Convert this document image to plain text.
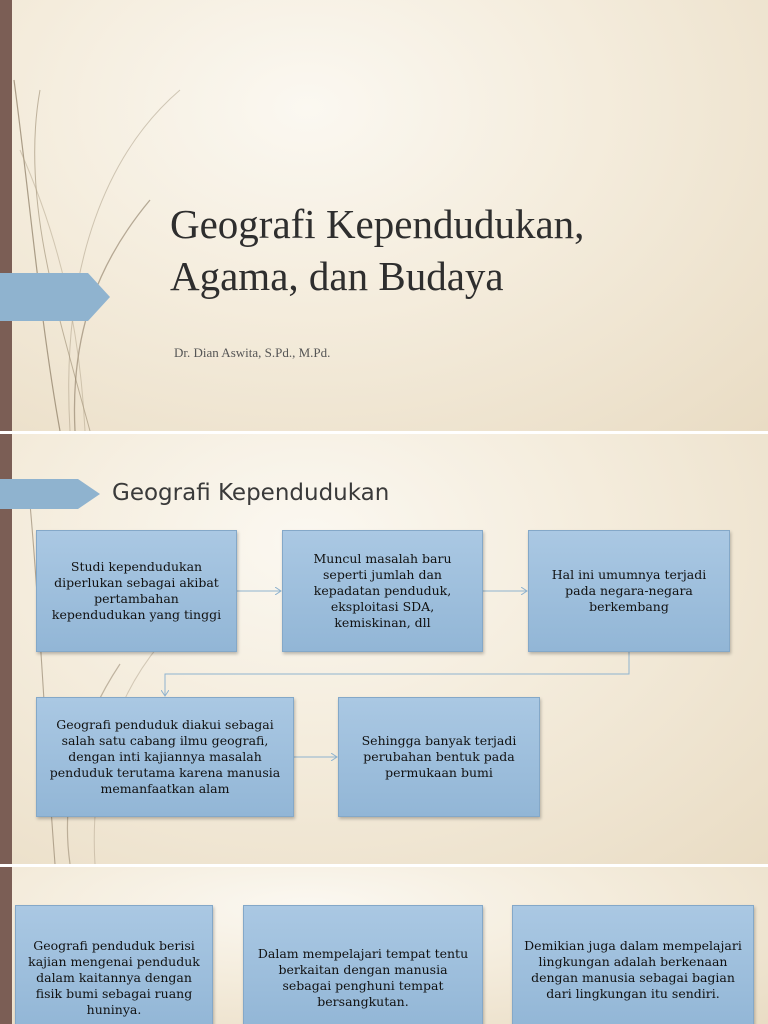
Geografi Kependudukan,
Agama, dan Budaya
Dr. Dian Aswita, S.Pd., M.Pd.
Geografi Kependudukan
Studi kependudukan diperlukan sebagai akibat pertambahan kependudukan yang tinggi
Muncul masalah baru seperti jumlah dan kepadatan penduduk, eksploitasi SDA, kemiskinan, dll
Hal ini umumnya terjadi pada negara-negara berkembang
Geografi penduduk diakui sebagai salah satu cabang ilmu geografi, dengan inti kajiannya masalah penduduk terutama karena manusia memanfaatkan alam
Sehingga banyak terjadi perubahan bentuk pada permukaan bumi
Geografi penduduk berisi kajian mengenai penduduk dalam kaitannya dengan fisik bumi sebagai ruang huninya.
Dalam mempelajari tempat tentu berkaitan dengan manusia sebagai penghuni tempat bersangkutan.
Demikian juga dalam mempelajari lingkungan adalah berkenaan dengan manusia sebagai bagian dari lingkungan itu sendiri.
